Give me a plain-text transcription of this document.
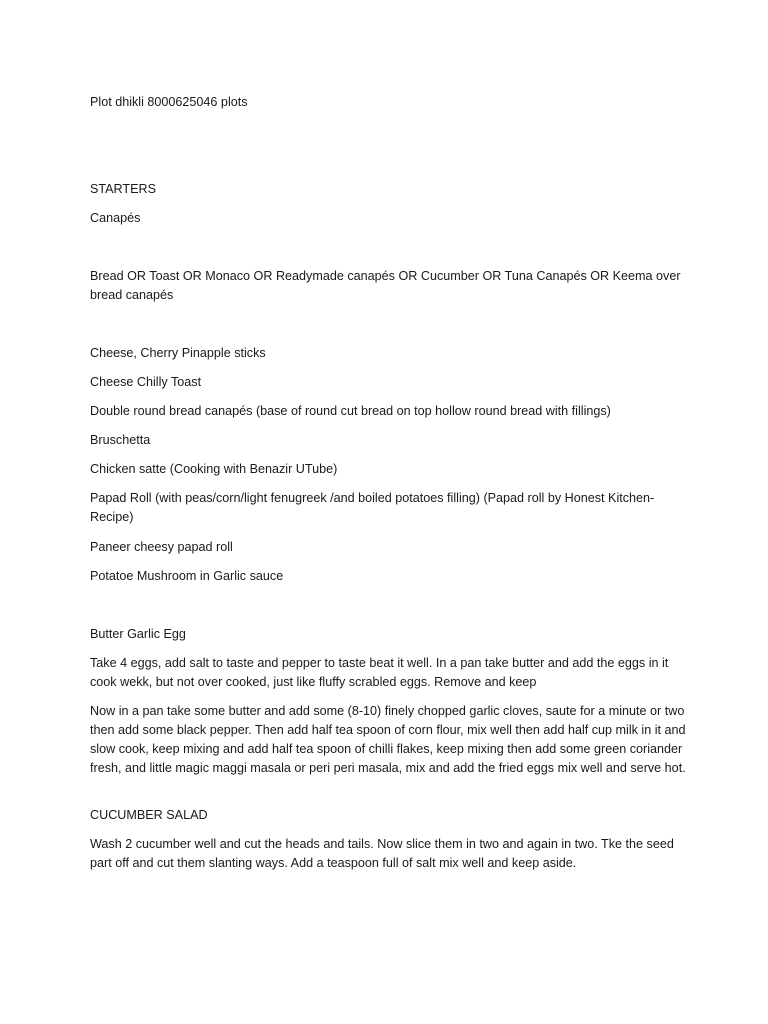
Plot dhikli 8000625046 plots

STARTERS

Canapés

Bread OR Toast OR Monaco OR Readymade canapés OR Cucumber OR Tuna Canapés OR Keema over bread canapés

Cheese, Cherry Pinapple sticks

Cheese Chilly Toast

Double round bread canapés (base of round cut bread on top hollow round bread with fillings)

Bruschetta

Chicken satte (Cooking with Benazir UTube)

Papad Roll (with peas/corn/light fenugreek /and boiled potatoes filling) (Papad roll by Honest Kitchen-Recipe)

Paneer cheesy papad roll

Potatoe Mushroom in Garlic sauce

Butter Garlic Egg

Take 4 eggs, add salt to taste and pepper to taste beat it well. In a pan take butter and add the eggs in it cook wekk, but not over cooked, just like fluffy scrabled eggs. Remove and keep

Now in a pan take some butter and add some (8-10) finely chopped garlic cloves, saute for a minute or two then add some black pepper. Then add half tea spoon of corn flour, mix well then add half cup milk in it and slow cook, keep mixing and add half tea spoon of chilli flakes, keep mixing then add some green coriander fresh, and little magic maggi masala or peri peri masala, mix and add the fried eggs mix well and serve hot.

CUCUMBER SALAD

Wash 2 cucumber well and cut the heads and tails. Now slice them in two and again in two. Tke the seed part off and cut them slanting ways. Add a teaspoon full of salt mix well and keep aside.
